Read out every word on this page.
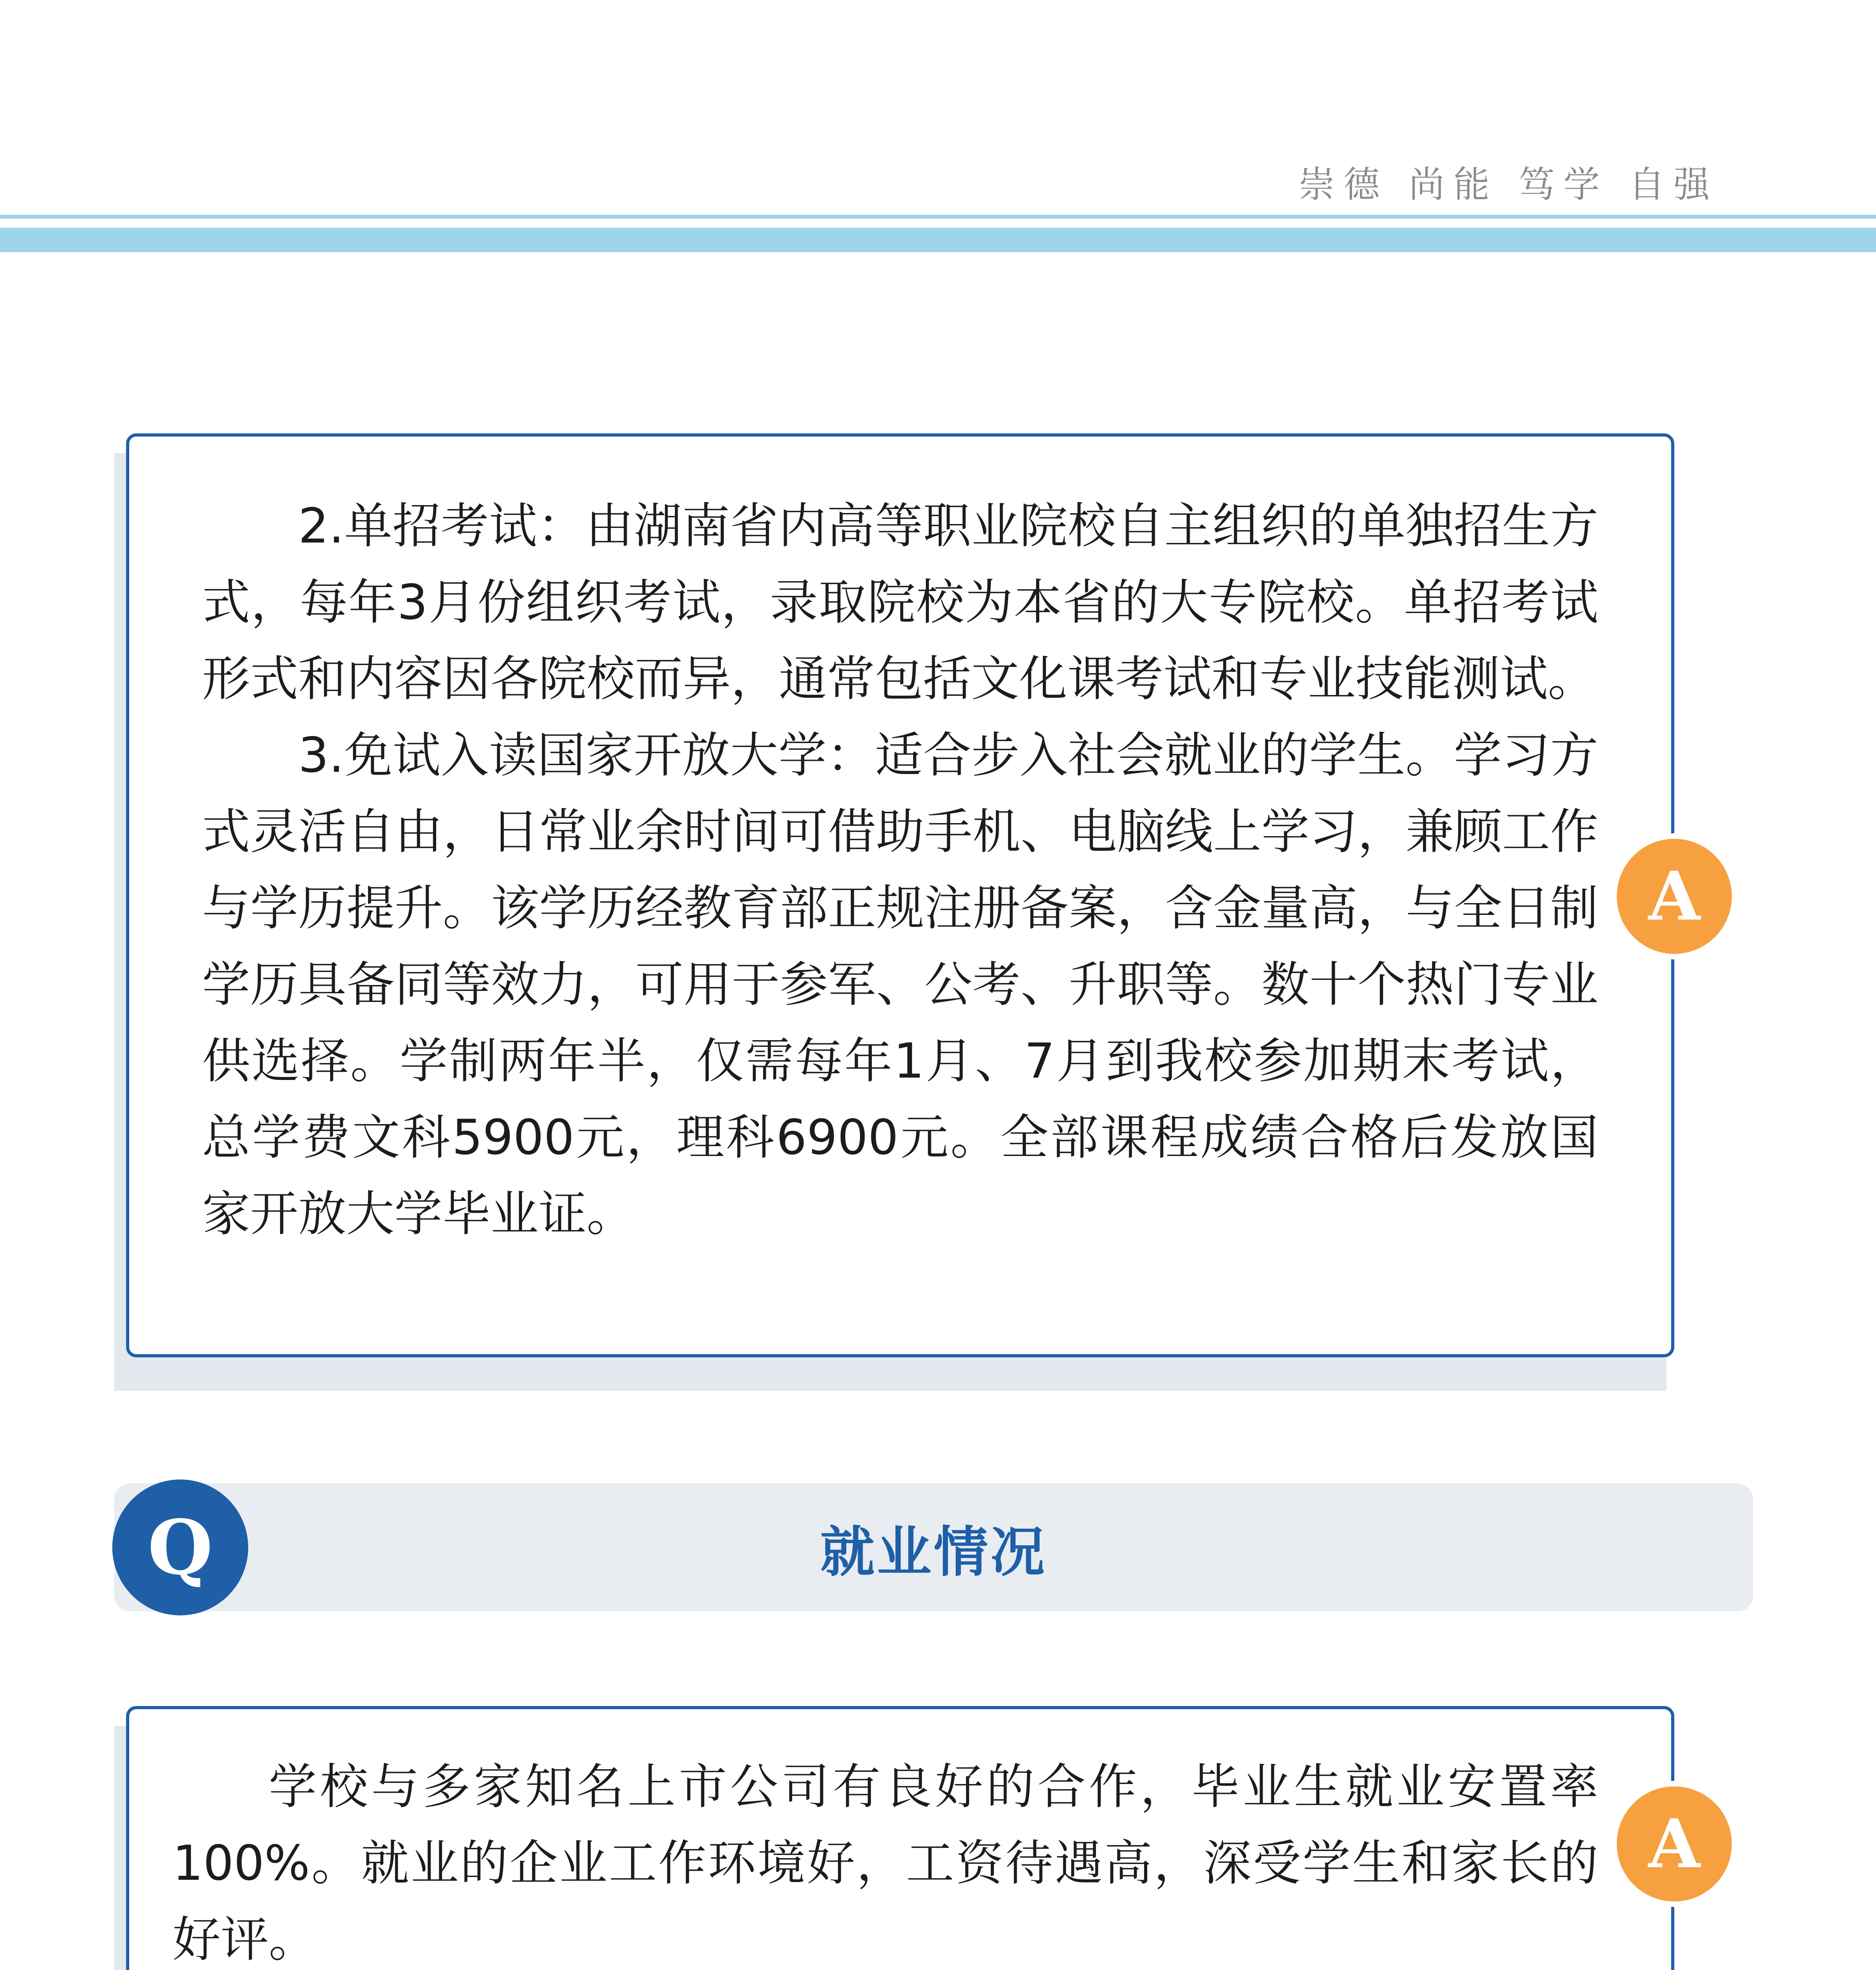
崇德 尚能 笃学 自强

2.单招考试：由湖南省内高等职业院校自主组织的单独招生方式，每年3月份组织考试，录取院校为本省的大专院校。单招考试形式和内容因各院校而异，通常包括文化课考试和专业技能测试。

3.免试入读国家开放大学：适合步入社会就业的学生。学习方式灵活自由，日常业余时间可借助手机、电脑线上学习，兼顾工作与学历提升。该学历经教育部正规注册备案，含金量高，与全日制学历具备同等效力，可用于参军、公考、升职等。数十个热门专业供选择。学制两年半，仅需每年1月、7月到我校参加期末考试，总学费文科5900元，理科6900元。全部课程成绩合格后发放国家开放大学毕业证。

A
就业情况
Q

学校与多家知名上市公司有良好的合作，毕业生就业安置率100%。就业的企业工作环境好，工资待遇高，深受学生和家长的好评。

A
